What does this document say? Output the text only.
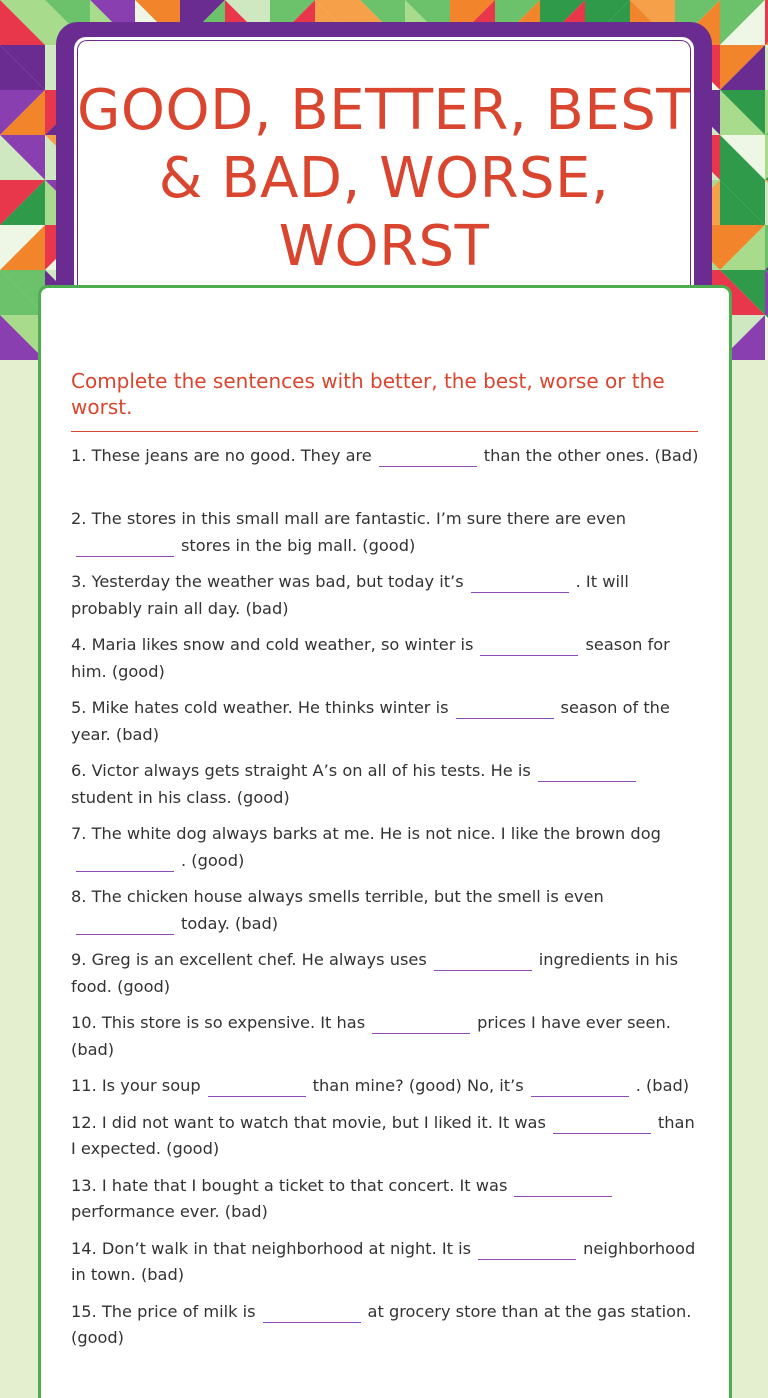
GOOD, BETTER, BEST
& BAD, WORSE,
WORST
Complete the sentences with better, the best, worse or the worst.
1. These jeans are no good. They are	than the other ones. (Bad)
2. The stores in this small mall are fantastic. I’m sure there are even stores in the big mall. (good)
3. Yesterday the weather was bad, but today it’s	. It will probably rain all day. (bad)
4. Maria likes snow and cold weather, so winter is	season for him. (good)
5. Mike hates cold weather. He thinks winter is	season of the year. (bad)
6. Victor always gets straight A’s on all of his tests. He isstudent in his class. (good)
7. The white dog always barks at me. He is not nice. I like the brown dog . (good)
8. The chicken house always smells terrible, but the smell is even today. (bad)
9. Greg is an excellent chef. He always uses	ingredients in his food. (good)
10. This store is so expensive. It has	prices I have ever seen. (bad)
11. Is your soup	than mine? (good) No, it’s	. (bad)
12. I did not want to watch that movie, but I liked it. It was	than I expected. (good)
13. I hate that I bought a ticket to that concert. It wasperformance ever. (bad)
14. Don’t walk in that neighborhood at night. It is	neighborhood in town. (bad)
15. The price of milk is	at grocery store than at the gas station. (good)
